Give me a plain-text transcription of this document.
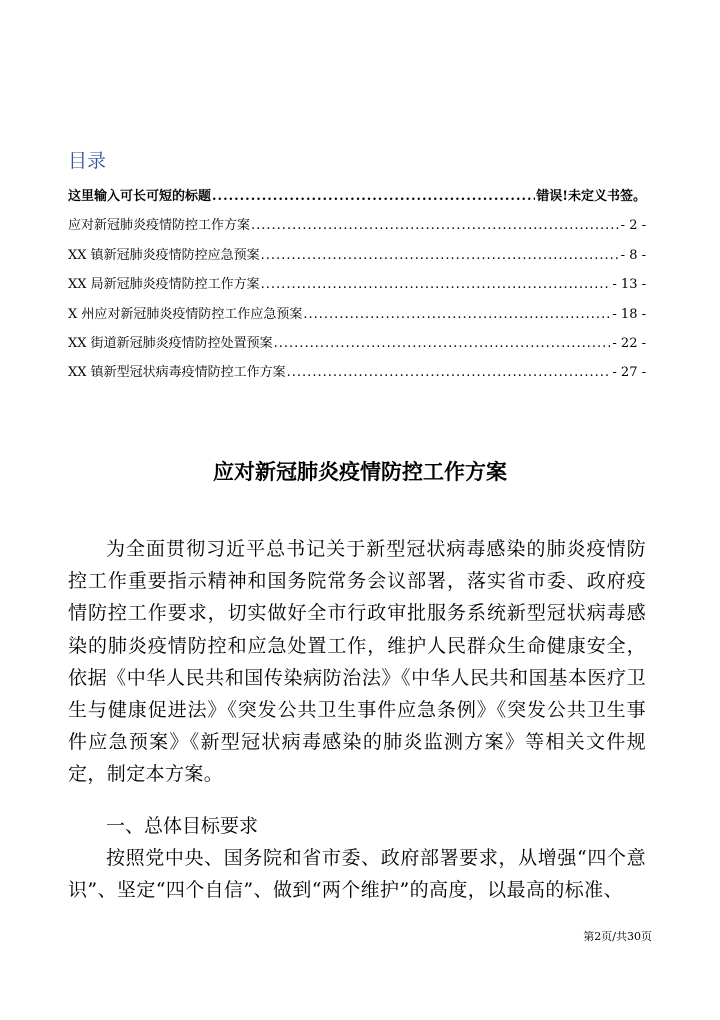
目录
这里输入可长可短的标题 .....	错误!未定义书签。
应对新冠肺炎疫情防控工作方案 .....	- 2 -
XX 镇新冠肺炎疫情防控应急预案 .....	- 8 -
XX 局新冠肺炎疫情防控工作方案 .....	- 13 -
X 州应对新冠肺炎疫情防控工作应急预案 .....	- 18 -
XX 街道新冠肺炎疫情防控处置预案 .....	- 22 -
XX 镇新型冠状病毒疫情防控工作方案 .....	- 27 -
应对新冠肺炎疫情防控工作方案

为全面贯彻习近平总书记关于新型冠状病毒感染的肺炎疫情防控工作重要指示精神和国务院常务会议部署，落实省市委、政府疫情防控工作要求，切实做好全市行政审批服务系统新型冠状病毒感染的肺炎疫情防控和应急处置工作，维护人民群众生命健康安全，依据《中华人民共和国传染病防治法》《中华人民共和国基本医疗卫生与健康促进法》《突发公共卫生事件应急条例》《突发公共卫生事件应急预案》《新型冠状病毒感染的肺炎监测方案》等相关文件规定，制定本方案。

一、总体目标要求

按照党中央、国务院和省市委、政府部署要求，从增强“四个意识”、坚定“四个自信”、做到“两个维护”的高度，以最高的标准、

第2页/共30页
